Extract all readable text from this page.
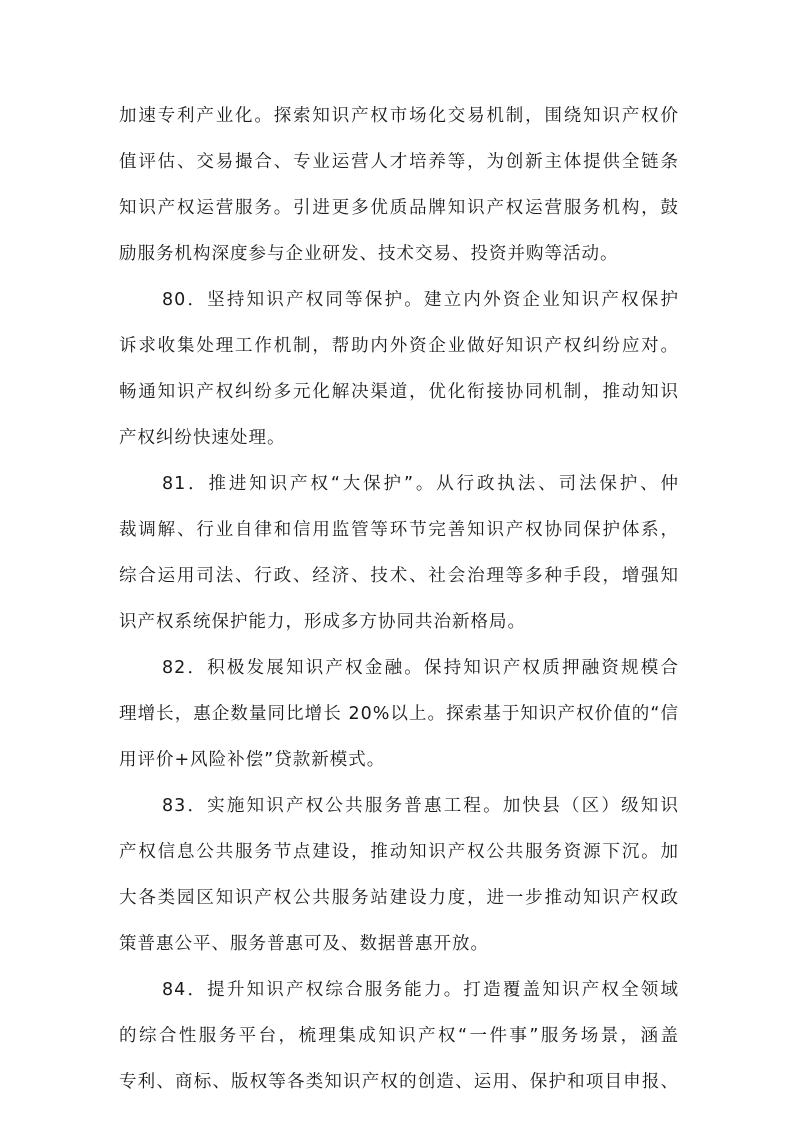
加速专利产业化。探索知识产权市场化交易机制，围绕知识产权价

值评估、交易撮合、专业运营人才培养等，为创新主体提供全链条

知识产权运营服务。引进更多优质品牌知识产权运营服务机构，鼓

励服务机构深度参与企业研发、技术交易、投资并购等活动。

80．坚持知识产权同等保护。建立内外资企业知识产权保护

诉求收集处理工作机制，帮助内外资企业做好知识产权纠纷应对。

畅通知识产权纠纷多元化解决渠道，优化衔接协同机制，推动知识

产权纠纷快速处理。

81．推进知识产权“大保护”。从行政执法、司法保护、仲

裁调解、行业自律和信用监管等环节完善知识产权协同保护体系，

综合运用司法、行政、经济、技术、社会治理等多种手段，增强知

识产权系统保护能力，形成多方协同共治新格局。

82．积极发展知识产权金融。保持知识产权质押融资规模合

理增长，惠企数量同比增长 20%以上。探索基于知识产权价值的“信

用评价+风险补偿”贷款新模式。

83．实施知识产权公共服务普惠工程。加快县（区）级知识

产权信息公共服务节点建设，推动知识产权公共服务资源下沉。加

大各类园区知识产权公共服务站建设力度，进一步推动知识产权政

策普惠公平、服务普惠可及、数据普惠开放。

84．提升知识产权综合服务能力。打造覆盖知识产权全领域

的综合性服务平台，梳理集成知识产权“一件事”服务场景，涵盖

专利、商标、版权等各类知识产权的创造、运用、保护和项目申报、
